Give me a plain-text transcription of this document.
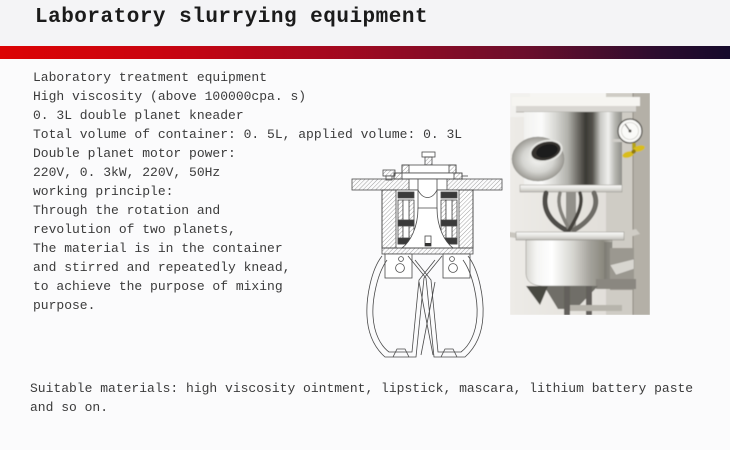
Laboratory slurrying equipment
Laboratory treatment equipment
High viscosity (above 100000cpa. s)
0. 3L double planet kneader
Total volume of container: 0. 5L, applied volume: 0. 3L
Double planet motor power:
220V, 0. 3kW, 220V, 50Hz
working principle:
Through the rotation and
revolution of two planets,
The material is in the container
and stirred and repeatedly knead,
to achieve the purpose of mixing
purpose.
Suitable materials: high viscosity ointment, lipstick, mascara, lithium battery paste
and so on.
